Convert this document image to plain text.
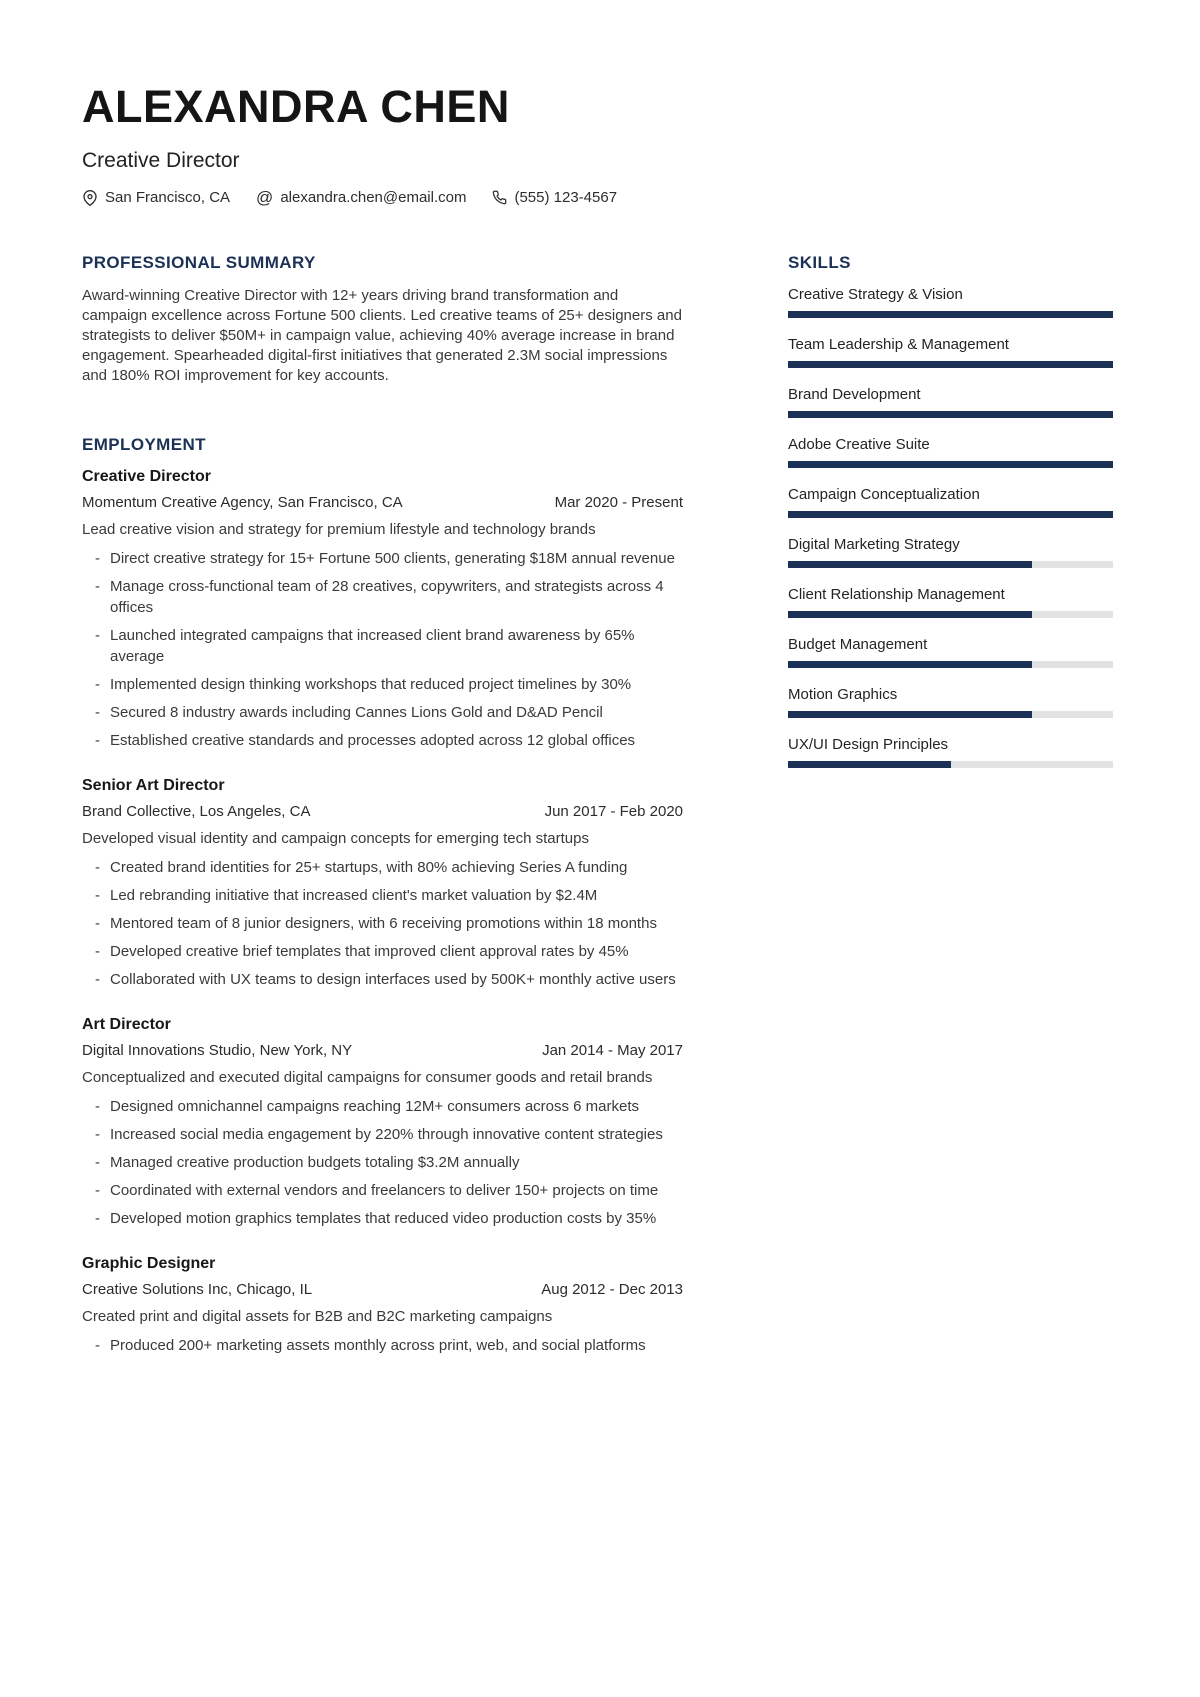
ALEXANDRA CHEN
Creative Director
San Francisco, CA @ alexandra.chen@email.com	(555) 123-4567
PROFESSIONAL SUMMARY
Award-winning Creative Director with 12+ years driving brand transformation and campaign excellence across Fortune 500 clients. Led creative teams of 25+ designers and strategists to deliver $50M+ in campaign value, achieving 40% average increase in brand engagement. Spearheaded digital-first initiatives that generated 2.3M social impressions and 180% ROI improvement for key accounts.
EMPLOYMENT
Creative Director
Momentum Creative Agency, San Francisco, CA	Mar 2020 - Present
Lead creative vision and strategy for premium lifestyle and technology brands
- Direct creative strategy for 15+ Fortune 500 clients, generating $18M annual revenue
- Manage cross-functional team of 28 creatives, copywriters, and strategists across 4 offices
- Launched integrated campaigns that increased client brand awareness by 65% average
- Implemented design thinking workshops that reduced project timelines by 30%
- Secured 8 industry awards including Cannes Lions Gold and D&AD Pencil
- Established creative standards and processes adopted across 12 global offices
Senior Art Director
Brand Collective, Los Angeles, CA	Jun 2017 - Feb 2020
Developed visual identity and campaign concepts for emerging tech startups
- Created brand identities for 25+ startups, with 80% achieving Series A funding
- Led rebranding initiative that increased client's market valuation by $2.4M
- Mentored team of 8 junior designers, with 6 receiving promotions within 18 months
- Developed creative brief templates that improved client approval rates by 45%
- Collaborated with UX teams to design interfaces used by 500K+ monthly active users
Art Director
Digital Innovations Studio, New York, NY	Jan 2014 - May 2017
Conceptualized and executed digital campaigns for consumer goods and retail brands
- Designed omnichannel campaigns reaching 12M+ consumers across 6 markets
- Increased social media engagement by 220% through innovative content strategies
- Managed creative production budgets totaling $3.2M annually
- Coordinated with external vendors and freelancers to deliver 150+ projects on time
- Developed motion graphics templates that reduced video production costs by 35%
Graphic Designer
Creative Solutions Inc, Chicago, IL	Aug 2012 - Dec 2013
Created print and digital assets for B2B and B2C marketing campaigns
- Produced 200+ marketing assets monthly across print, web, and social platforms
SKILLS
Creative Strategy & Vision
Team Leadership & Management
Brand Development
Adobe Creative Suite
Campaign Conceptualization
Digital Marketing Strategy
Client Relationship Management
Budget Management
Motion Graphics
UX/UI Design Principles
